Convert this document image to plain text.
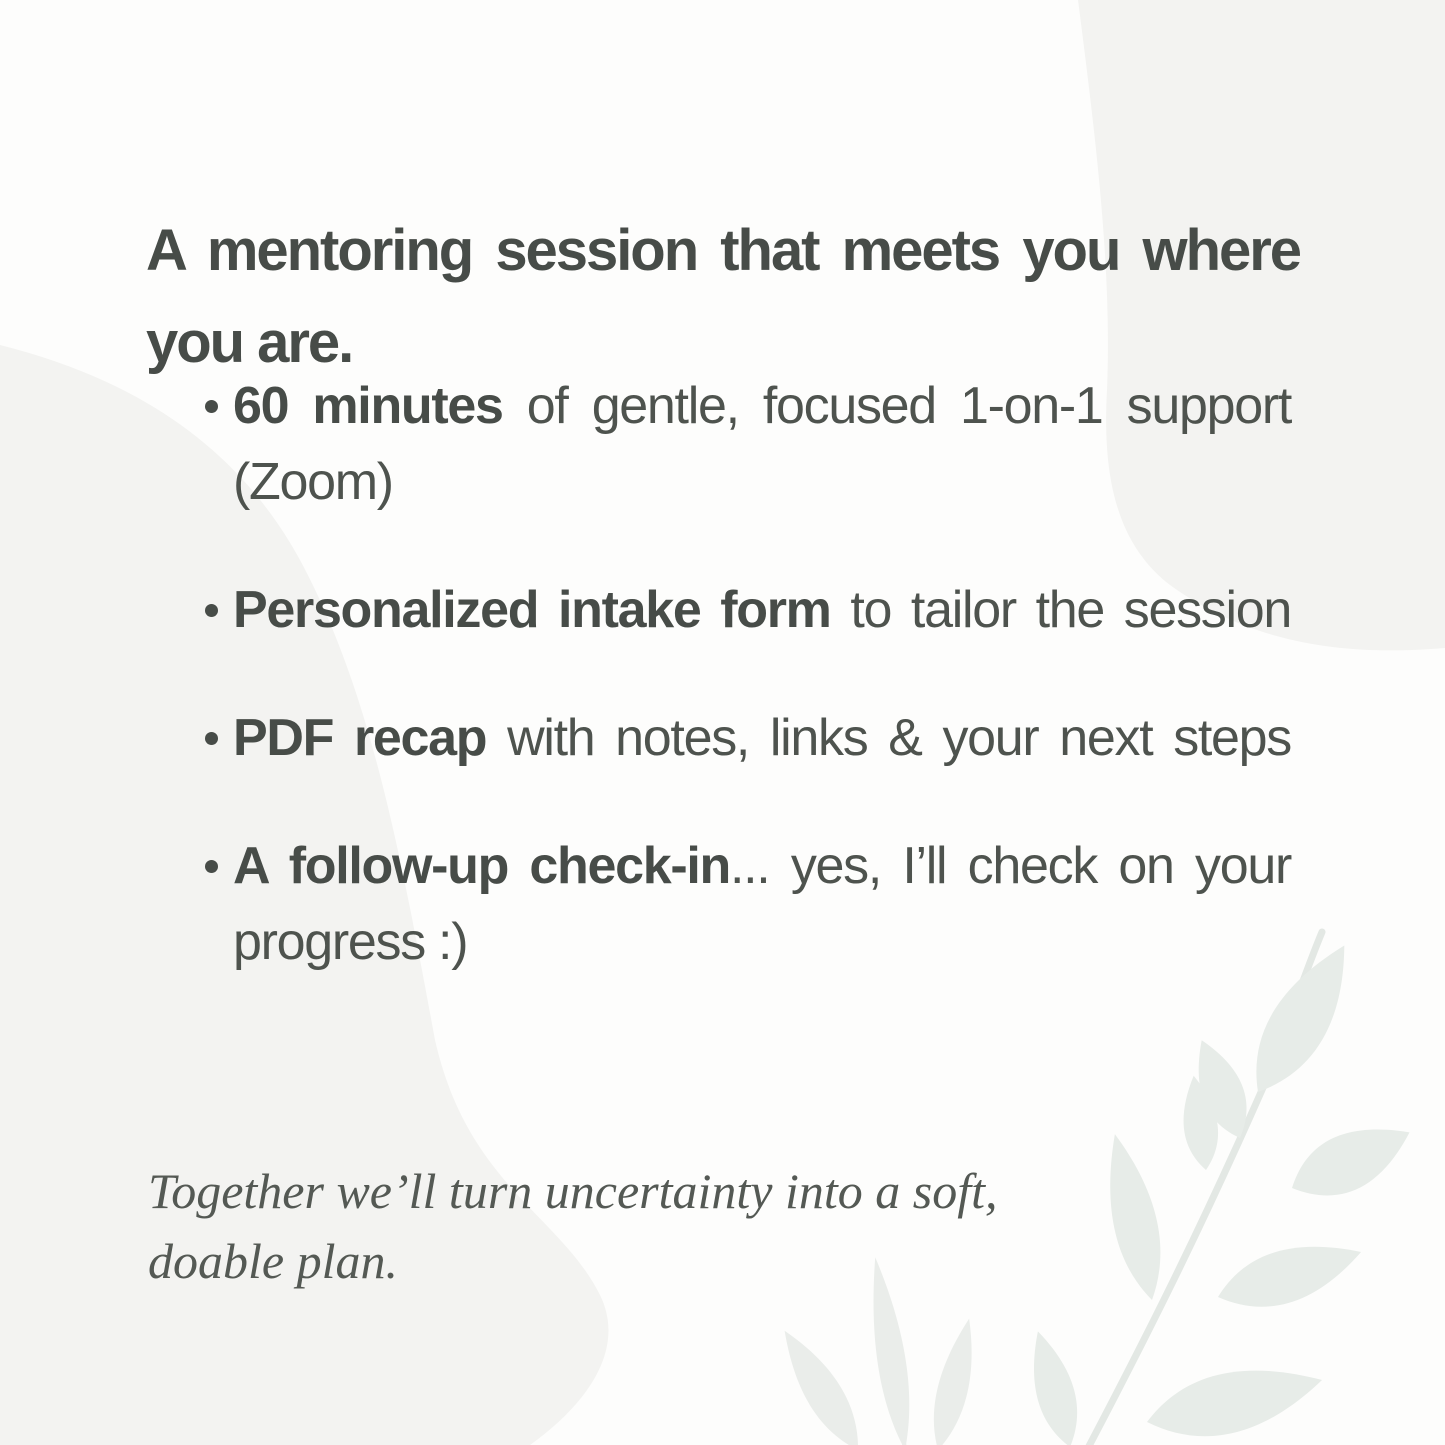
A mentoring session that meets you where
you are.
60 minutes of gentle, focused 1-on-1 support
(Zoom)
Personalized intake form to tailor the session
PDF recap with notes, links & your next steps
A follow-up check-in... yes, I’ll check on your
progress :)

Together we’ll turn uncertainty into a soft,
doable plan.
